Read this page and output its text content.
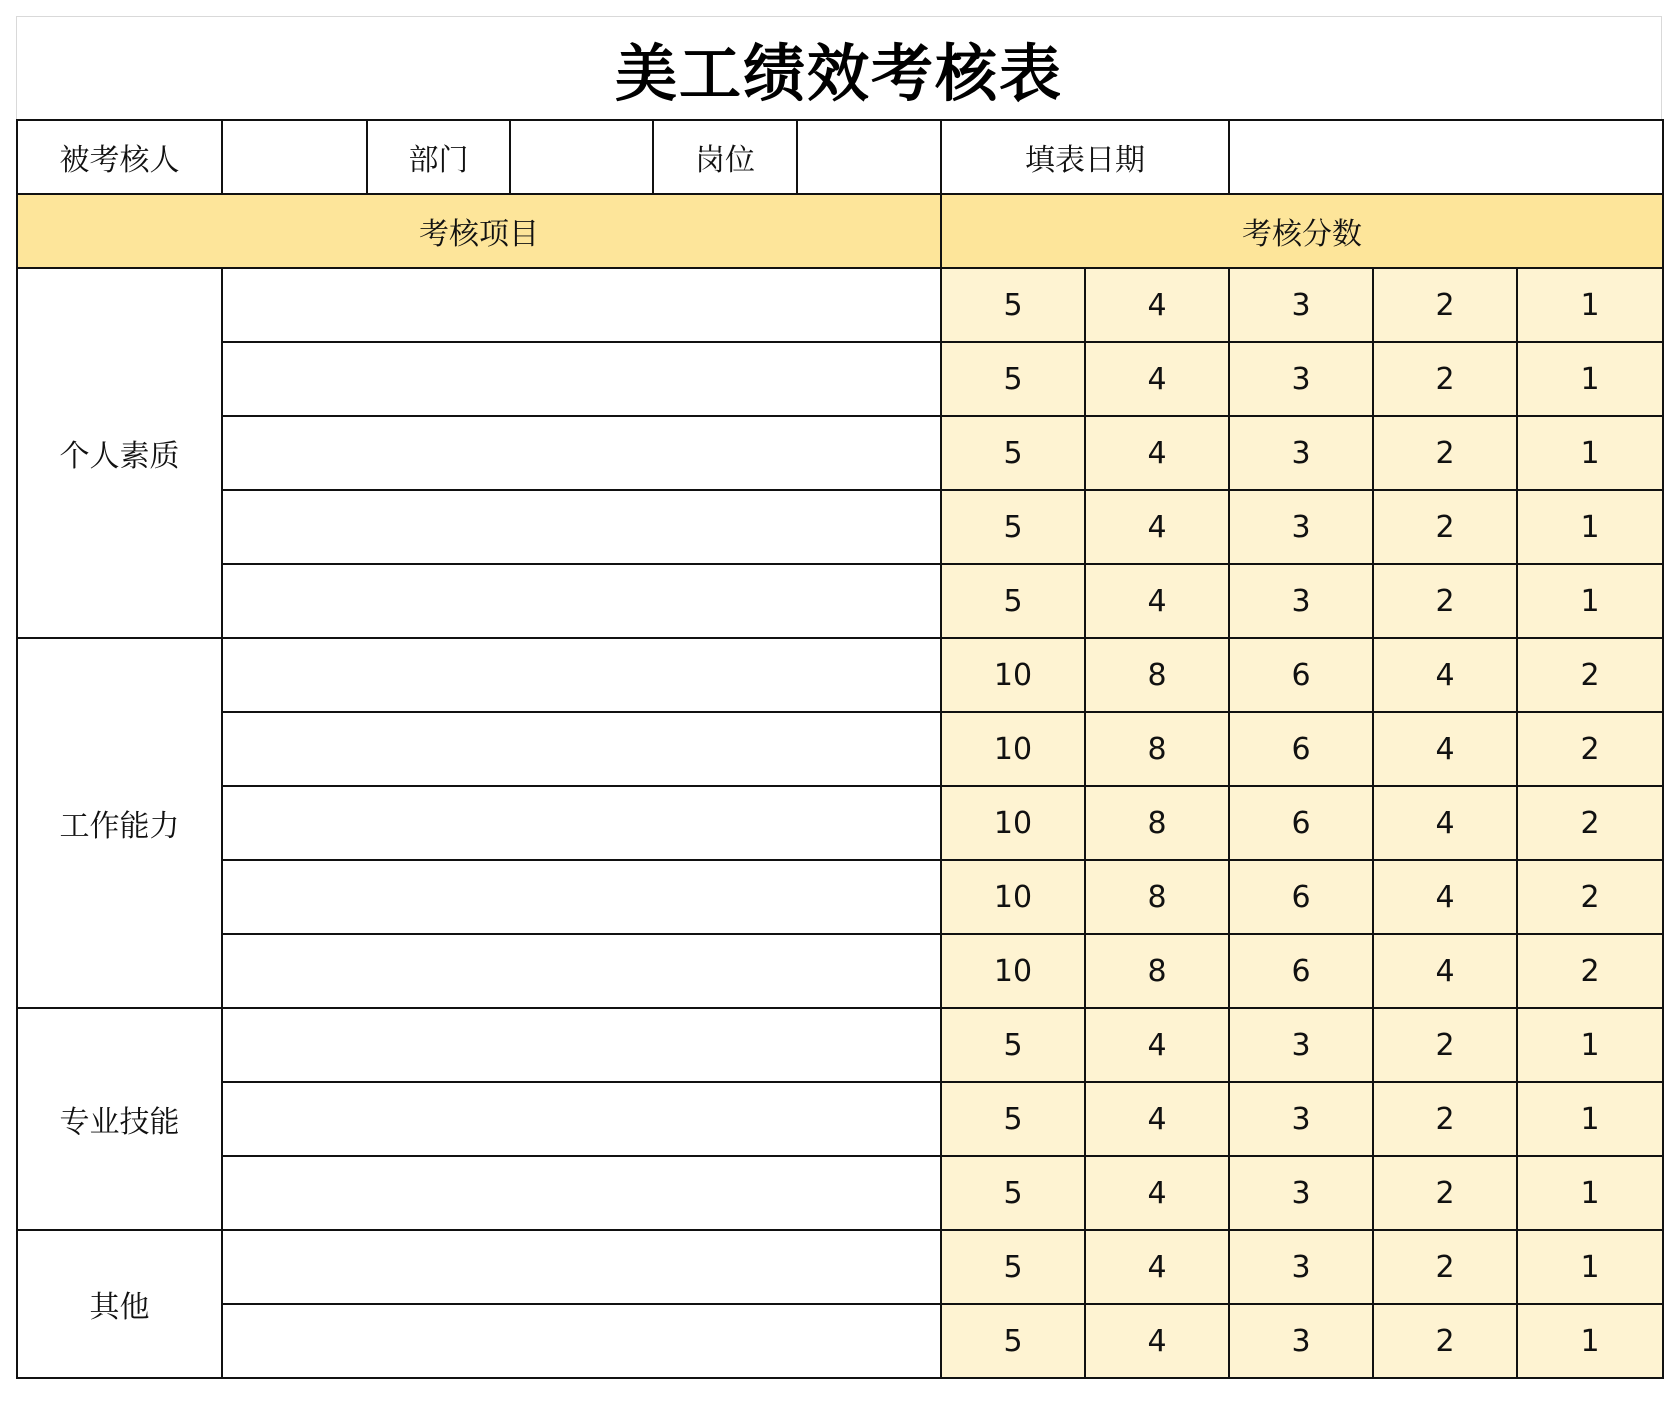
美工绩效考核表
被考核人		部门		岗位		填表日期				
考核项目						考核分数				
个人素质						5	4	3	2	1
						5	4	3	2	1
						5	4	3	2	1
						5	4	3	2	1
						5	4	3	2	1
工作能力						10	8	6	4	2
						10	8	6	4	2
						10	8	6	4	2
						10	8	6	4	2
						10	8	6	4	2
专业技能						5	4	3	2	1
						5	4	3	2	1
						5	4	3	2	1
其他						5	4	3	2	1
						5	4	3	2	1
